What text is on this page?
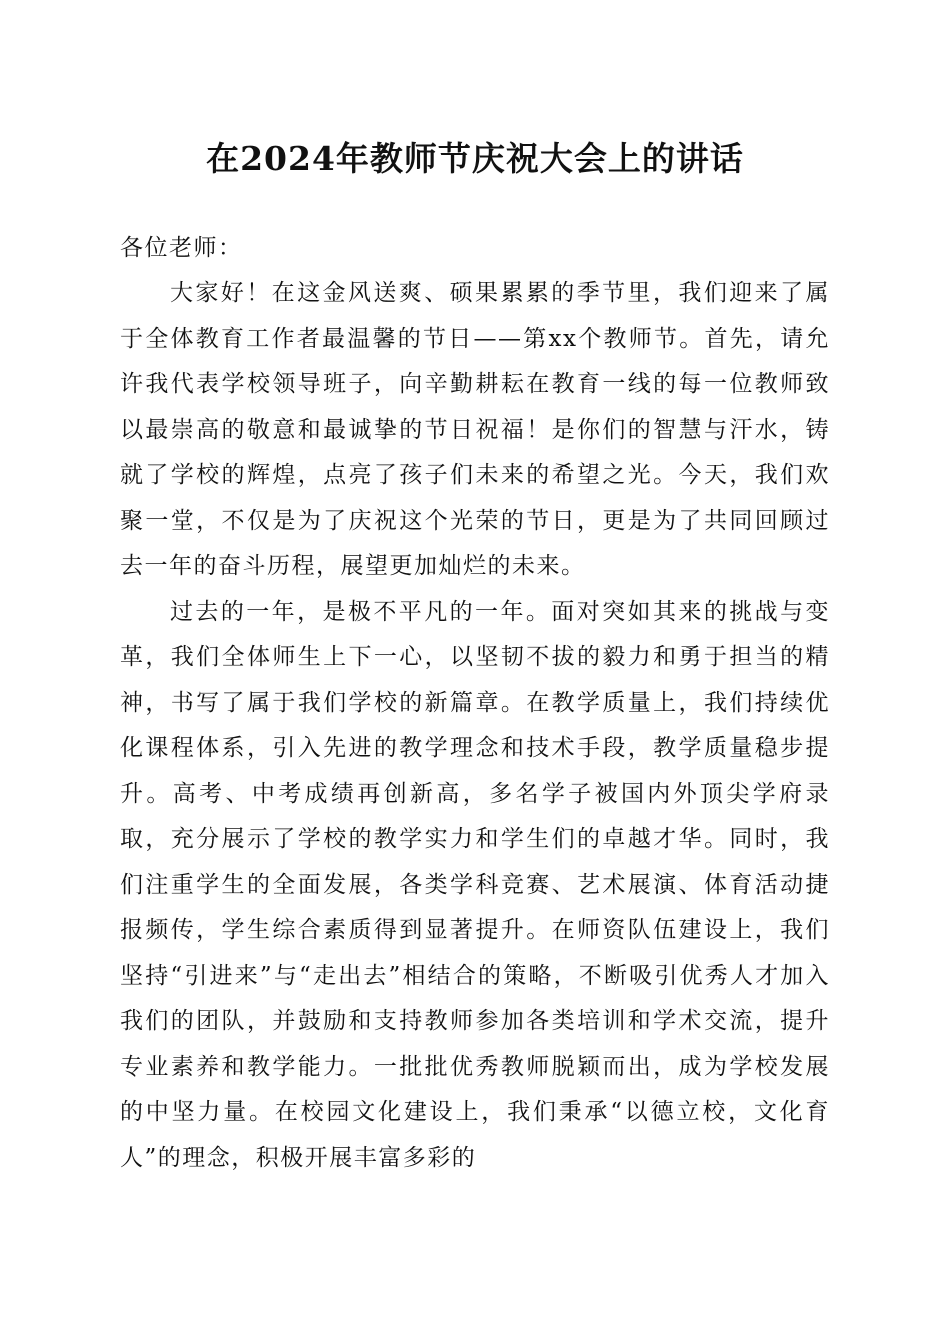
在2024年教师节庆祝大会上的讲话

各位老师：

大家好！在这金风送爽、硕果累累的季节里，我们迎来了属于全体教育工作者最温馨的节日——第xx个教师节。首先，请允许我代表学校领导班子，向辛勤耕耘在教育一线的每一位教师致以最崇高的敬意和最诚挚的节日祝福！是你们的智慧与汗水，铸就了学校的辉煌，点亮了孩子们未来的希望之光。今天，我们欢聚一堂，不仅是为了庆祝这个光荣的节日，更是为了共同回顾过去一年的奋斗历程，展望更加灿烂的未来。

过去的一年，是极不平凡的一年。面对突如其来的挑战与变革，我们全体师生上下一心，以坚韧不拔的毅力和勇于担当的精神，书写了属于我们学校的新篇章。在教学质量上，我们持续优化课程体系，引入先进的教学理念和技术手段，教学质量稳步提升。高考、中考成绩再创新高，多名学子被国内外顶尖学府录取，充分展示了学校的教学实力和学生们的卓越才华。同时，我们注重学生的全面发展，各类学科竞赛、艺术展演、体育活动捷报频传，学生综合素质得到显著提升。在师资队伍建设上，我们坚持“引进来”与“走出去”相结合的策略，不断吸引优秀人才加入我们的团队，并鼓励和支持教师参加各类培训和学术交流，提升专业素养和教学能力。一批批优秀教师脱颖而出，成为学校发展的中坚力量。在校园文化建设上，我们秉承“以德立校，文化育人”的理念，积极开展丰富多彩的
